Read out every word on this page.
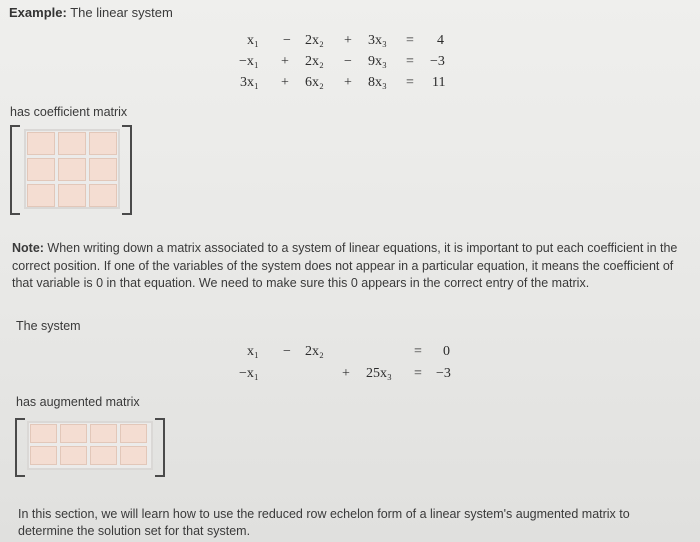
Example: The linear system
x₁ − 2x₂ + 3x₃ = 4
−x₁ + 2x₂ − 9x₃ = −3
3x₁ + 6x₂ + 8x₃ = 11
has coefficient matrix
Note: When writing down a matrix associated to a system of linear equations, it is important to put each coefficient in the correct position. If one of the variables of the system does not appear in a particular equation, it means the coefficient of that variable is 0 in that equation. We need to make sure this 0 appears in the correct entry of the matrix.
The system
x₁ − 2x₂	= 0
−x₁	+ 25x₃ = −3
has augmented matrix
In this section, we will learn how to use the reduced row echelon form of a linear system's augmented matrix to determine the solution set for that system.
